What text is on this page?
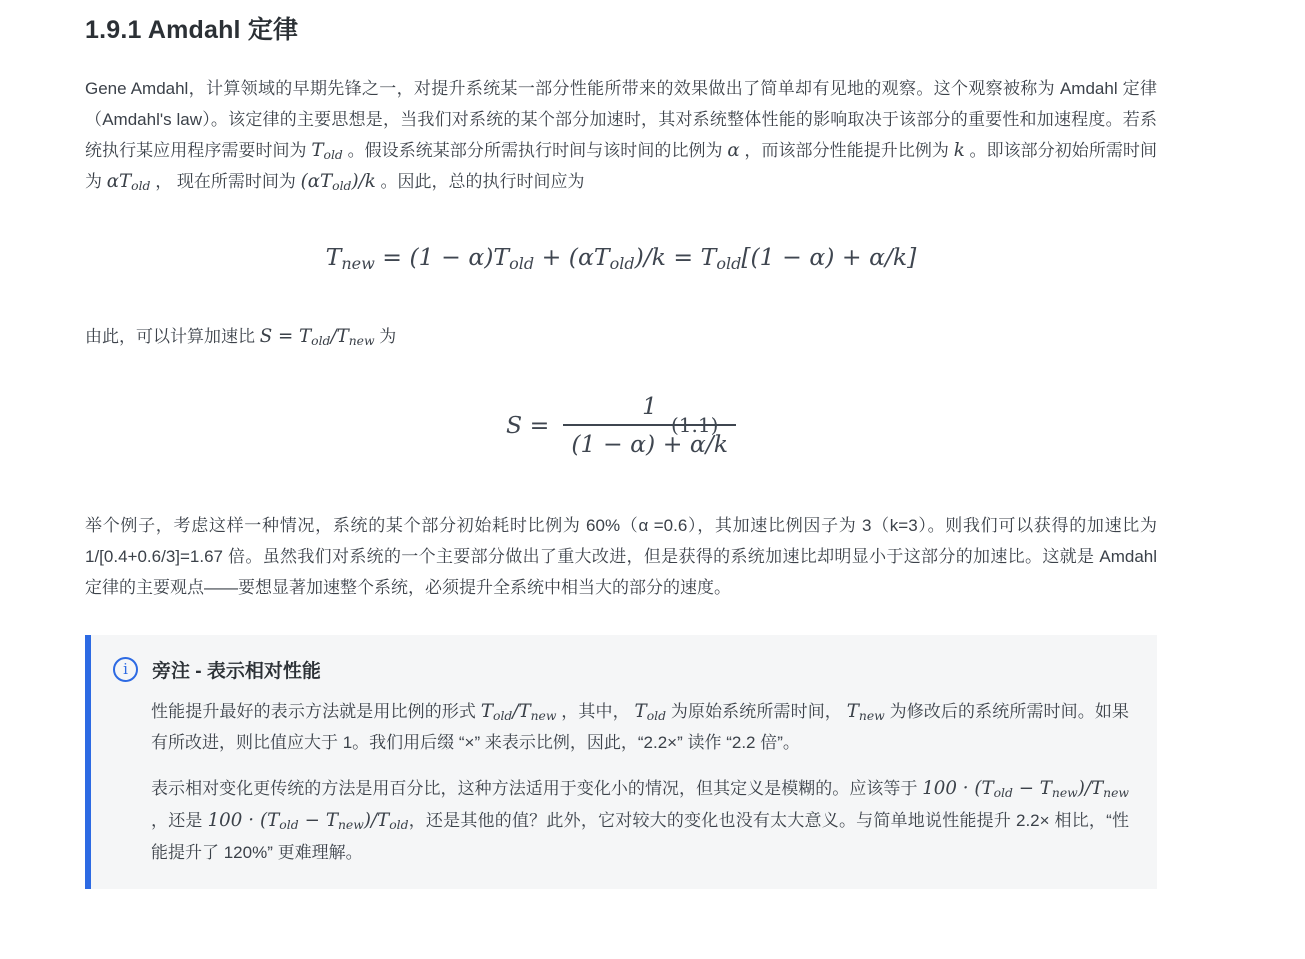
1.9.1 Amdahl 定律

Gene Amdahl，计算领域的早期先锋之一，对提升系统某一部分性能所带来的效果做出了简单却有见地的观察。这个观察被称为 Amdahl 定律（Amdahl's law）。该定律的主要思想是，当我们对系统的某个部分加速时，其对系统整体性能的影响取决于该部分的重要性和加速程度。若系统执行某应用程序需要时间为 $T_{old}$ 。假设系统某部分所需执行时间与该时间的比例为 α ，而该部分性能提升比例为 k 。即该部分初始所需时间为 $\alpha T_{old}$ ， 现在所需时间为 $(\alpha T_{old})/k$ 。因此，总的执行时间应为

$T_{new} = (1 - \alpha)T_{old} + (\alpha T_{old})/k = T_{old}[(1 - \alpha) + \alpha/k]$

由此，可以计算加速比 $S = T_{old}/T_{new}$ 为

$S = \frac{1}{(1 - \alpha) + \alpha/k}$
(1.1)

举个例子，考虑这样一种情况，系统的某个部分初始耗时比例为 60%（α =0.6），其加速比例因子为 3（k=3）。则我们可以获得的加速比为 1/[0.4+0.6/3]=1.67 倍。虽然我们对系统的一个主要部分做出了重大改进，但是获得的系统加速比却明显小于这部分的加速比。这就是 Amdahl 定律的主要观点——要想显著加速整个系统，必须提升全系统中相当大的部分的速度。

i 旁注 - 表示相对性能

性能提升最好的表示方法就是用比例的形式 $T_{old}/T_{new}$ ，其中， $T_{old}$ 为原始系统所需时间， $T_{new}$ 为修改后的系统所需时间。如果有所改进，则比值应大于 1。我们用后缀 “×” 来表示比例，因此，“2.2×” 读作 “2.2 倍”。

表示相对变化更传统的方法是用百分比，这种方法适用于变化小的情况，但其定义是模糊的。应该等于 $100 \cdot (T_{old} - T_{new})/T_{new}$ ，还是 $100 \cdot (T_{old} - T_{new})/T_{old}$，还是其他的值？此外，它对较大的变化也没有太大意义。与简单地说性能提升 2.2× 相比，“性能提升了 120%” 更难理解。
